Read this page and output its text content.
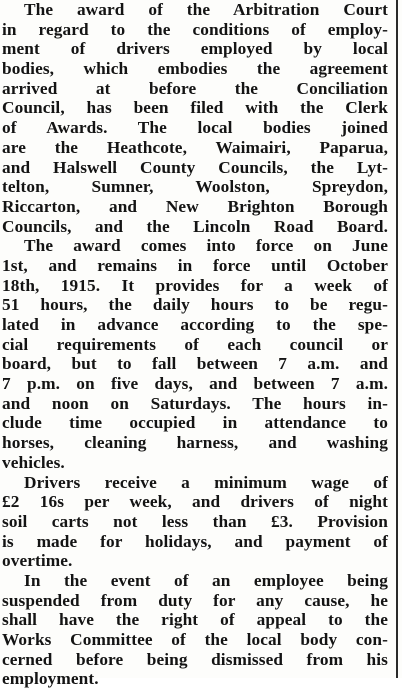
The award of the Arbitration Court
in regard to the conditions of employ-
ment of drivers employed by local
bodies, which embodies the agreement
arrived at before the Conciliation
Council, has been filed with the Clerk
of Awards. The local bodies joined
are the Heathcote, Waimairi, Paparua,
and Halswell County Councils, the Lyt-
telton, Sumner, Woolston, Spreydon,
Riccarton, and New Brighton Borough
Councils, and the Lincoln Road Board.

The award comes into force on June
1st, and remains in force until October
18th, 1915. It provides for a week of
51 hours, the daily hours to be regu-
lated in advance according to the spe-
cial requirements of each council or
board, but to fall between 7 a.m. and
7 p.m. on five days, and between 7 a.m.
and noon on Saturdays. The hours in-
clude time occupied in attendance to
horses, cleaning harness, and washing
vehicles.

Drivers receive a minimum wage of
£2 16s per week, and drivers of night
soil carts not less than £3. Provision
is made for holidays, and payment of
overtime.

In the event of an employee being
suspended from duty for any cause, he
shall have the right of appeal to the
Works Committee of the local body con-
cerned before being dismissed from his
employment.
